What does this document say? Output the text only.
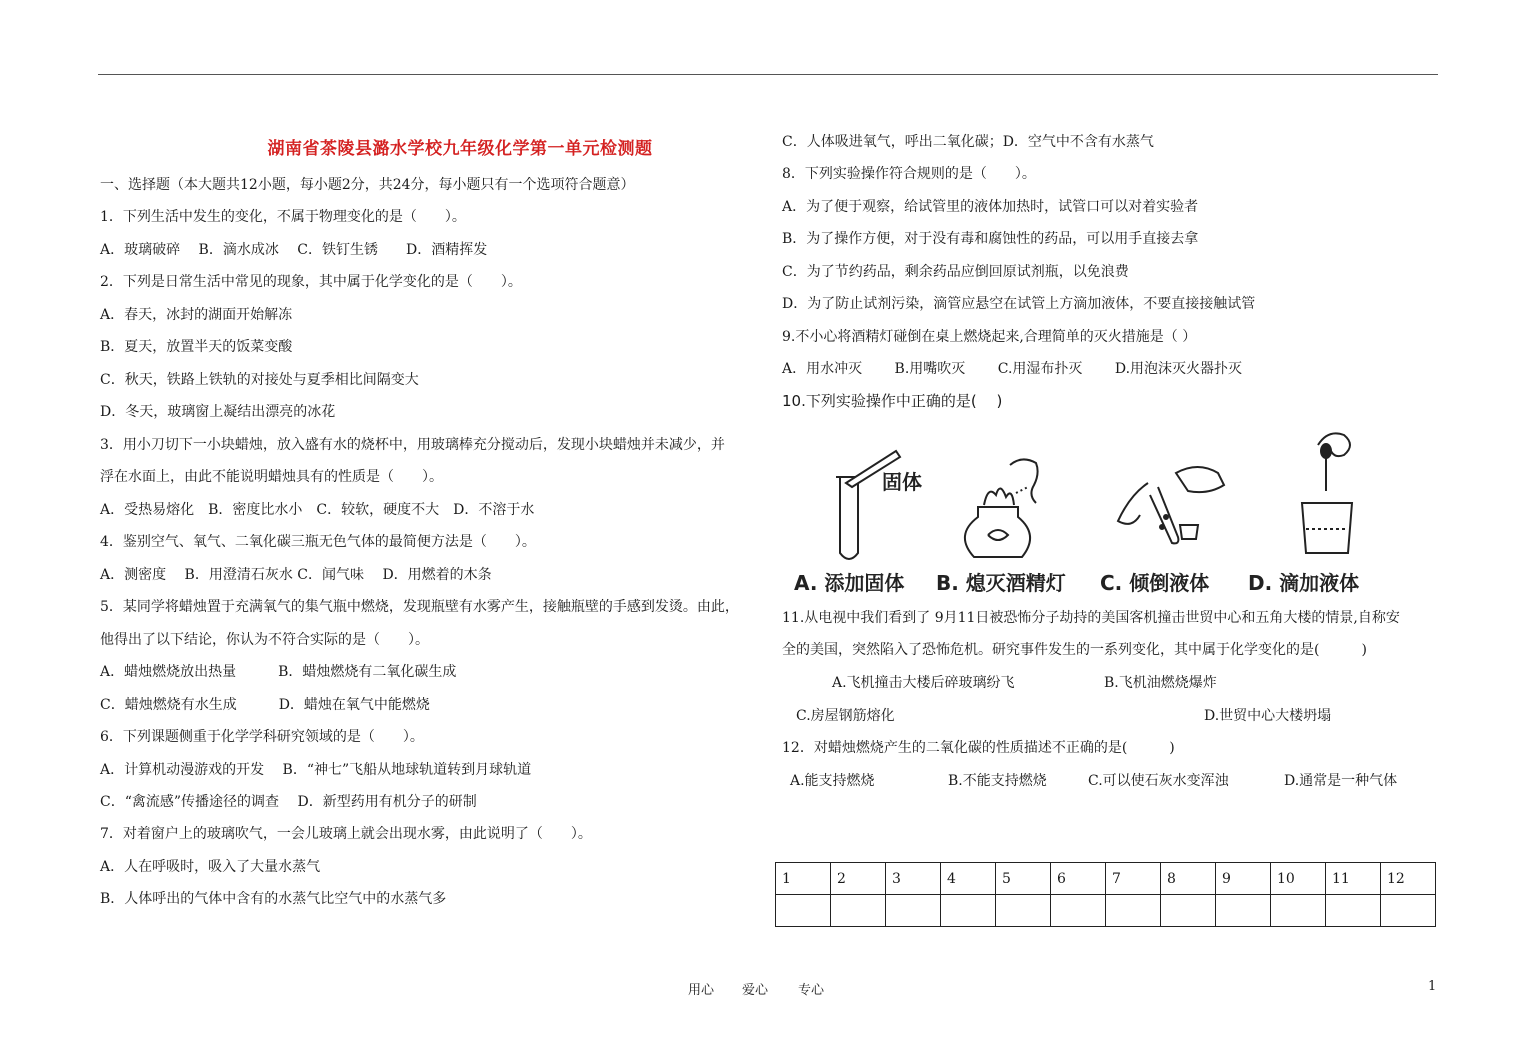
湖南省茶陵县潞水学校九年级化学第一单元检测题
一、选择题（本大题共12小题，每小题2分，共24分，每小题只有一个选项符合题意）
1．下列生活中发生的变化，不属于物理变化的是（　　）。
A．玻璃破碎　 B．滴水成冰　 C．铁钉生锈　　D．酒精挥发
2．下列是日常生活中常见的现象，其中属于化学变化的是（　　）。
A．春天，冰封的湖面开始解冻
B．夏天，放置半天的饭菜变酸
C．秋天，铁路上铁轨的对接处与夏季相比间隔变大
D．冬天，玻璃窗上凝结出漂亮的冰花
3．用小刀切下一小块蜡烛，放入盛有水的烧杯中，用玻璃棒充分搅动后，发现小块蜡烛并未减少，并
浮在水面上，由此不能说明蜡烛具有的性质是（　　）。
A．受热易熔化　B．密度比水小　C．较软，硬度不大　D．不溶于水
4．鉴别空气、氧气、二氧化碳三瓶无色气体的最简便方法是（　　）。
A．测密度　 B．用澄清石灰水 C．闻气味　 D．用燃着的木条
5．某同学将蜡烛置于充满氧气的集气瓶中燃烧，发现瓶壁有水雾产生，接触瓶壁的手感到发烫。由此，
他得出了以下结论，你认为不符合实际的是（　　）。
A．蜡烛燃烧放出热量　　　B．蜡烛燃烧有二氧化碳生成
C．蜡烛燃烧有水生成　　　D．蜡烛在氧气中能燃烧
6．下列课题侧重于化学学科研究领域的是（　　）。
A．计算机动漫游戏的开发　 B．“神七”飞船从地球轨道转到月球轨道
C．“禽流感”传播途径的调查　 D．新型药用有机分子的研制
7．对着窗户上的玻璃吹气，一会儿玻璃上就会出现水雾，由此说明了（　　）。
A．人在呼吸时，吸入了大量水蒸气
B．人体呼出的气体中含有的水蒸气比空气中的水蒸气多
C．人体吸进氧气，呼出二氧化碳；D．空气中不含有水蒸气
8．下列实验操作符合规则的是（　　）。
A．为了便于观察，给试管里的液体加热时，试管口可以对着实验者
B．为了操作方便，对于没有毒和腐蚀性的药品，可以用手直接去拿
C．为了节约药品，剩余药品应倒回原试剂瓶，以免浪费
D．为了防止试剂污染，滴管应悬空在试管上方滴加液体，不要直接接触试管
9.不小心将酒精灯碰倒在桌上燃烧起来,合理简单的灭火措施是（ ）
A．用水冲灭　　 B.用嘴吹灭　　 C.用湿布扑灭　　 D.用泡沫灭火器扑灭
10.下列实验操作中正确的是(　 )
固体
A. 添加固体 B. 熄灭酒精灯 C. 倾倒液体 D. 滴加液体
11.从电视中我们看到了 9月11日被恐怖分子劫持的美国客机撞击世贸中心和五角大楼的情景,自称安
全的美国，突然陷入了恐怖危机。研究事件发生的一系列变化，其中属于化学变化的是(　　　)
A.飞机撞击大楼后碎玻璃纷飞	B.飞机油燃烧爆炸
C.房屋钢筋熔化	D.世贸中心大楼坍塌
12．对蜡烛燃烧产生的二氧化碳的性质描述不正确的是(　　　)
A.能支持燃烧	B.不能支持燃烧	C.可以使石灰水变浑浊	D.通常是一种气体
1	2	3	4	5	6	7	8	9	10	11	12

用心 爱心 专心	1
